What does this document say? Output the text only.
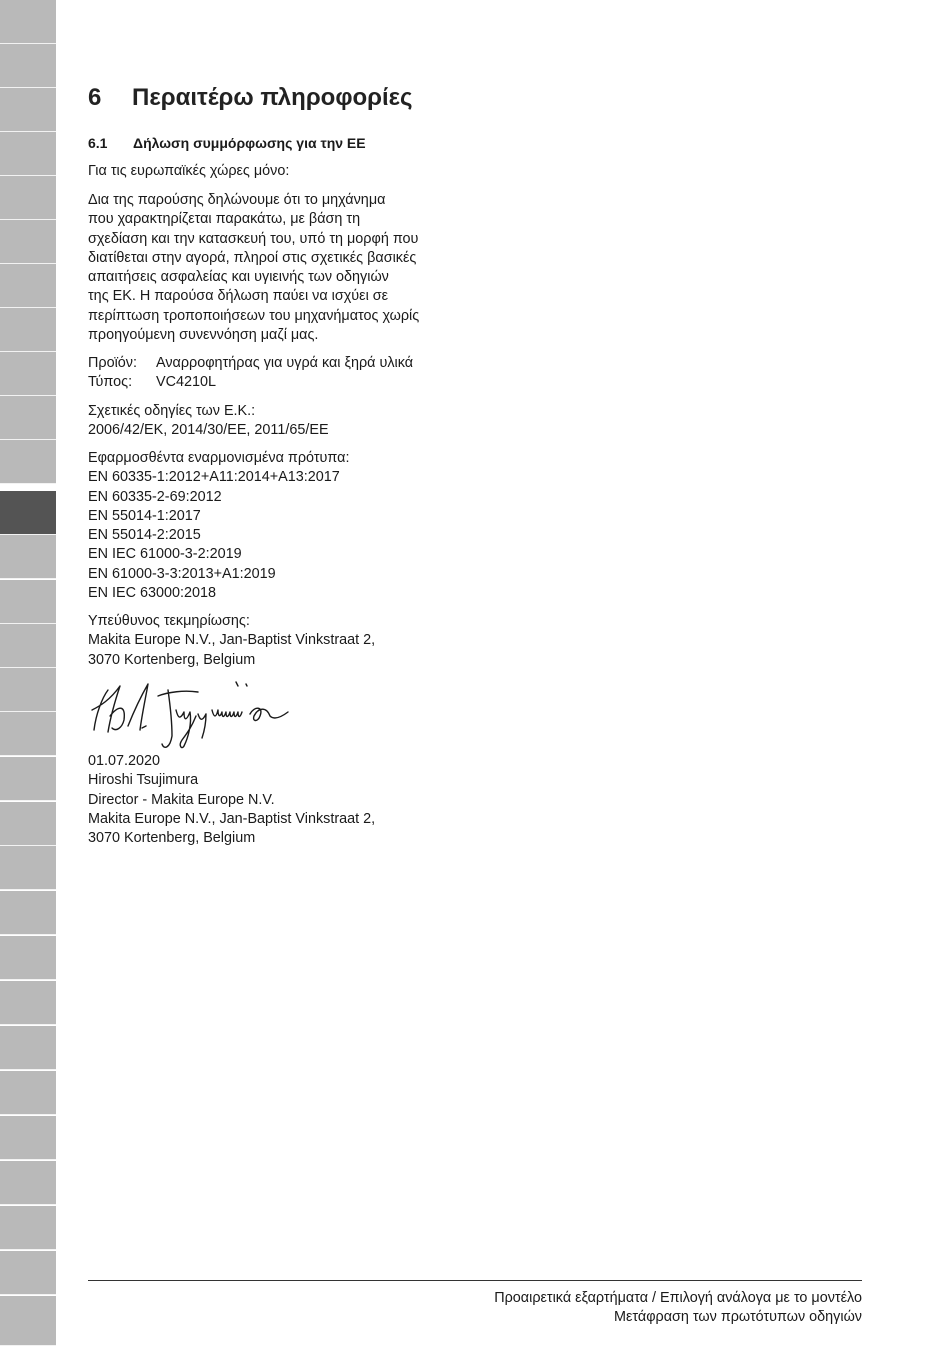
6 Περαιτέρω πληροφορίες
6.1 Δήλωση συμμόρφωσης για την ΕΕ
Για τις ευρωπαϊκές χώρες μόνο:
Δια της παρούσης δηλώνουμε ότι το μηχάνημα
που χαρακτηρίζεται παρακάτω, με βάση τη
σχεδίαση και την κατασκευή του, υπό τη μορφή που
διατίθεται στην αγορά, πληροί στις σχετικές βασικές
απαιτήσεις ασφαλείας και υγιεινής των οδηγιών
της ΕΚ. Η παρούσα δήλωση παύει να ισχύει σε
περίπτωση τροποποιήσεων του μηχανήματος χωρίς
προηγούμενη συνεννόηση μαζί μας.
Προϊόν: Αναρροφητήρας για υγρά και ξηρά υλικά
Τύπος: VC4210L
Σχετικές οδηγίες των Ε.Κ.:
2006/42/EK, 2014/30/EE, 2011/65/EE
Εφαρμοσθέντα εναρμονισμένα πρότυπα:
EN 60335-1:2012+A11:2014+A13:2017
EN 60335-2-69:2012
EN 55014-1:2017
EN 55014-2:2015
EN IEC 61000-3-2:2019
EN 61000-3-3:2013+A1:2019
EN IEC 63000:2018
Υπεύθυνος τεκμηρίωσης:
Makita Europe N.V., Jan-Baptist Vinkstraat 2,
3070 Kortenberg, Belgium
01.07.2020
Hiroshi Tsujimura
Director - Makita Europe N.V.
Makita Europe N.V., Jan-Baptist Vinkstraat 2,
3070 Kortenberg, Belgium
Προαιρετικά εξαρτήματα / Επιλογή ανάλογα με το μοντέλο
Μετάφραση των πρωτότυπων οδηγιών
